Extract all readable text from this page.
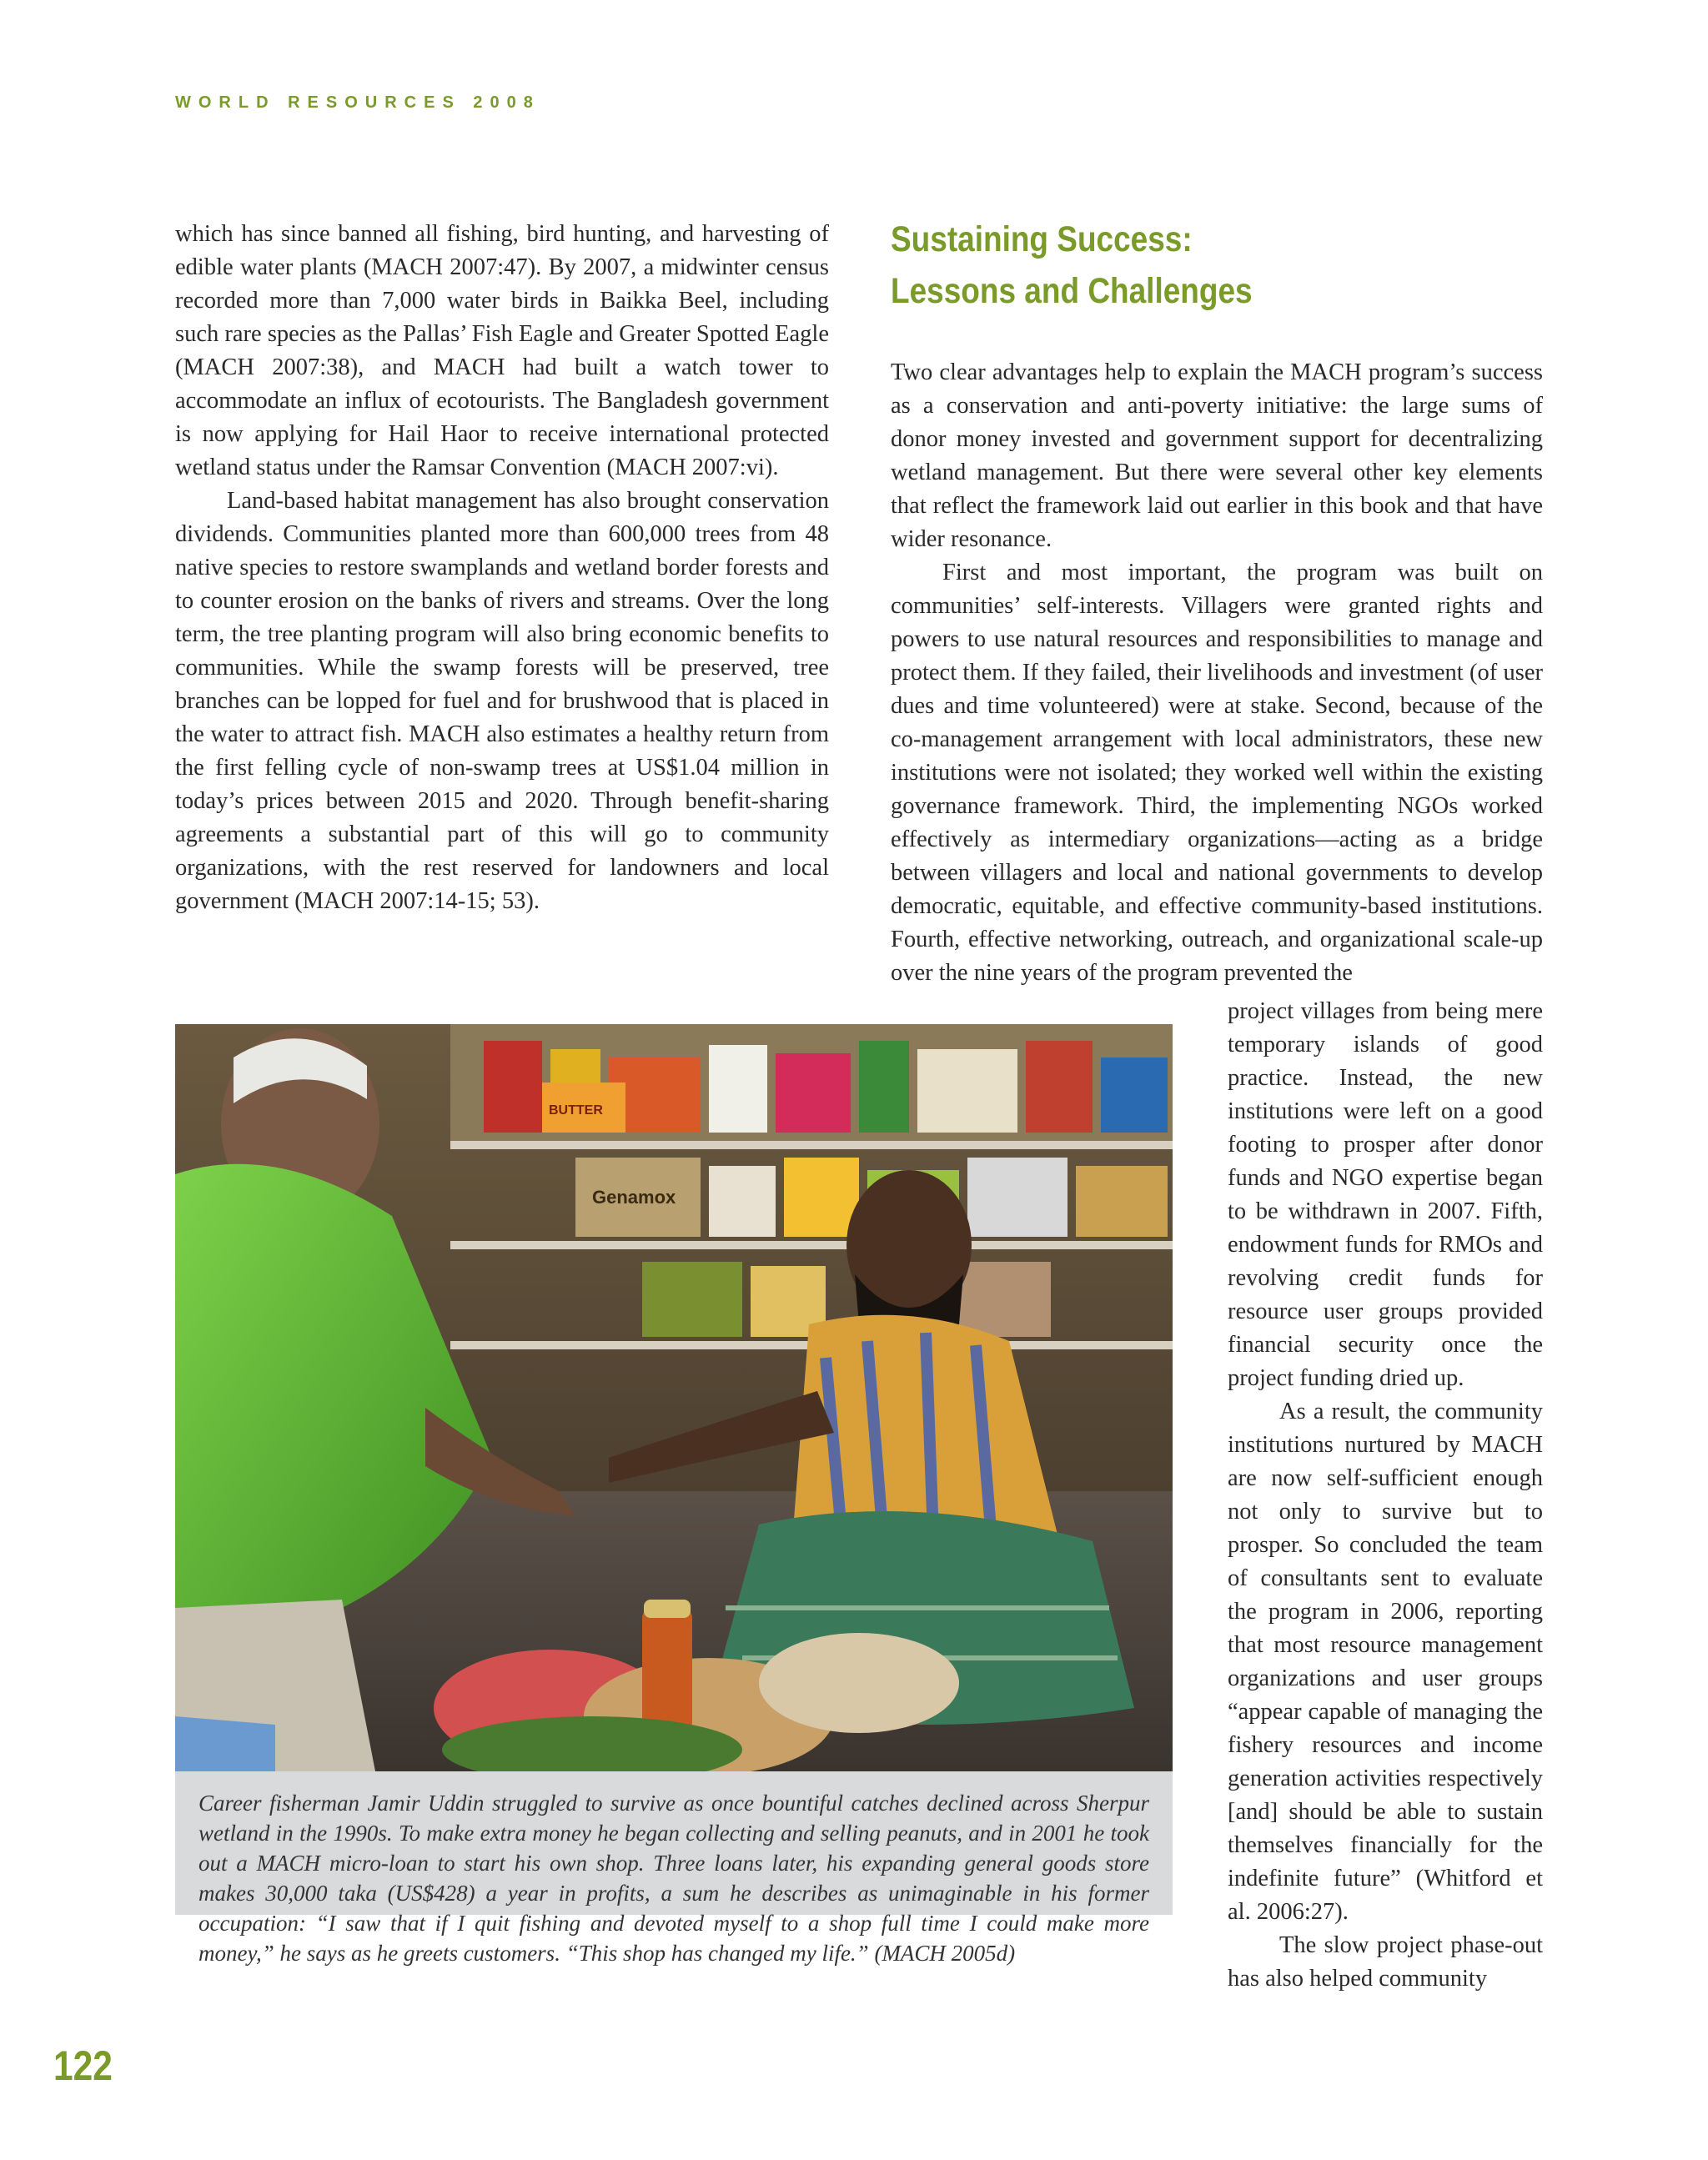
WORLD RESOURCES 2008

which has since banned all fishing, bird hunting, and harvesting of edible water plants (MACH 2007:47). By 2007, a midwinter census recorded more than 7,000 water birds in Baikka Beel, including such rare species as the Pallas’ Fish Eagle and Greater Spotted Eagle (MACH 2007:38), and MACH had built a watch tower to accommodate an influx of ecotourists. The Bangladesh government is now applying for Hail Haor to receive international protected wetland status under the Ramsar Convention (MACH 2007:vi).

Land-based habitat management has also brought conservation dividends. Communities planted more than 600,000 trees from 48 native species to restore swamplands and wetland border forests and to counter erosion on the banks of rivers and streams. Over the long term, the tree planting program will also bring economic benefits to communities. While the swamp forests will be preserved, tree branches can be lopped for fuel and for brushwood that is placed in the water to attract fish. MACH also estimates a healthy return from the first felling cycle of non-swamp trees at US$1.04 million in today’s prices between 2015 and 2020. Through benefit-sharing agreements a substantial part of this will go to community organizations, with the rest reserved for landowners and local government (MACH 2007:14-15; 53).

Sustaining Success:
Lessons and Challenges

Two clear advantages help to explain the MACH program’s success as a conservation and anti-poverty initiative: the large sums of donor money invested and government support for decentralizing wetland management. But there were several other key elements that reflect the framework laid out earlier in this book and that have wider resonance.

First and most important, the program was built on communities’ self-interests. Villagers were granted rights and powers to use natural resources and responsibilities to manage and protect them. If they failed, their livelihoods and investment (of user dues and time volunteered) were at stake. Second, because of the co-management arrangement with local administrators, these new institutions were not isolated; they worked well within the existing governance framework. Third, the implementing NGOs worked effectively as intermediary organizations—acting as a bridge between villagers and local and national governments to develop democratic, equitable, and effective community-based institutions. Fourth, effective networking, outreach, and organizational scale-up over the nine years of the program prevented the

project villages from being mere temporary islands of good practice. Instead, the new institutions were left on a good footing to prosper after donor funds and NGO expertise began to be withdrawn in 2007. Fifth, endowment funds for RMOs and revolving credit funds for resource user groups provided financial security once the project funding dried up.

As a result, the community institutions nurtured by MACH are now self-sufficient enough not only to survive but to prosper. So concluded the team of consultants sent to evaluate the program in 2006, reporting that most resource management organizations and user groups “appear capable of managing the fishery resources and income generation activities respectively [and] should be able to sustain themselves financially for the indefinite future” (Whitford et al. 2006:27).

The slow project phase-out has also helped community

Genamox
BUTTER
Career fisherman Jamir Uddin struggled to survive as once bountiful catches declined across Sherpur wetland in the 1990s. To make extra money he began collecting and selling peanuts, and in 2001 he took out a MACH micro-loan to start his own shop. Three loans later, his expanding general goods store makes 30,000 taka (US$428) a year in profits, a sum he describes as unimaginable in his former occupation: “I saw that if I quit fishing and devoted myself to a shop full time I could make more money,” he says as he greets customers. “This shop has changed my life.” (MACH 2005d)
122
